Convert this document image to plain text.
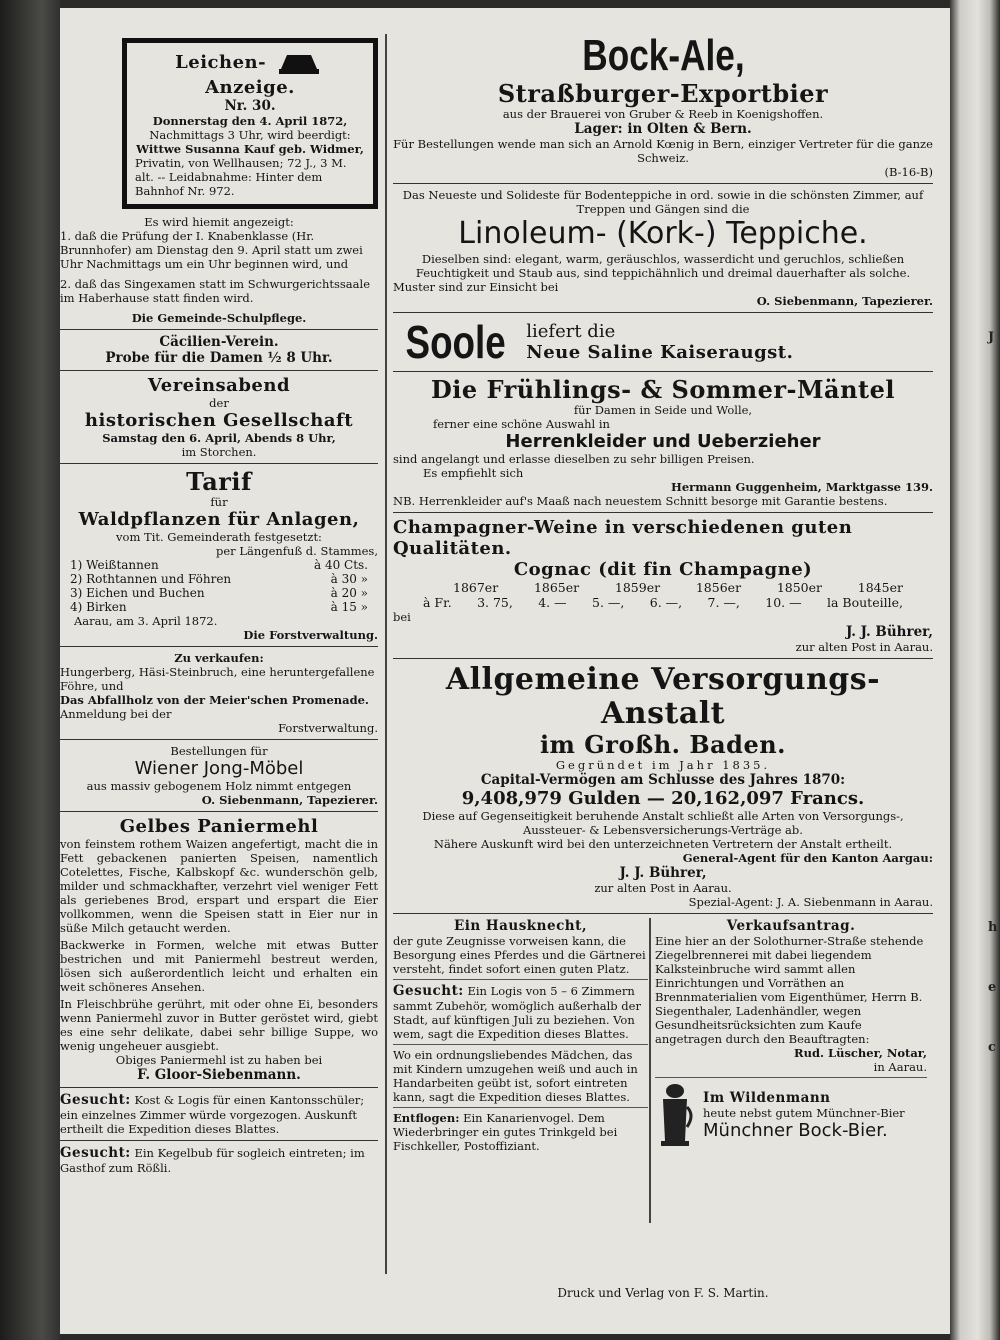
J
h
e
c
Leichen-  Anzeige.
Nr. 30.
Donnerstag den 4. April 1872,
Nachmittags 3 Uhr, wird beerdigt:
Wittwe Susanna Kauf geb. Widmer,
Privatin, von Wellhausen; 72 J., 3 M. alt. -- Leidabnahme: Hinter dem Bahnhof Nr. 972.
Es wird hiemit angezeigt:
1. daß die Prüfung der I. Knabenklasse (Hr. Brunnhofer) am Dienstag den 9. April statt um zwei Uhr Nachmittags um ein Uhr beginnen wird, und
2. daß das Singexamen statt im Schwurgerichtssaale im Haberhause statt finden wird.
Die Gemeinde-Schulpflege.
Cäcilien-Verein.
Probe für die Damen ½ 8 Uhr.
Vereinsabend
der
historischen Gesellschaft
Samstag den 6. April, Abends 8 Uhr,
im Storchen.
Tarif
für
Waldpflanzen für Anlagen,
vom Tit. Gemeinderath festgesetzt:
per Längenfuß d. Stammes,
1) Weißtannen	à 40 Cts.
2) Rothtannen und Föhren	à 30 »
3) Eichen und Buchen	à 20 »
4) Birken	à 15 »
Aarau, am 3. April 1872.
Die Forstverwaltung.
Zu verkaufen:
Hungerberg, Häsi-Steinbruch, eine heruntergefallene Föhre, und
Das Abfallholz von der Meier'schen Promenade.
Anmeldung bei der
Forstverwaltung.
Bestellungen für
Wiener Jong-Möbel
aus massiv gebogenem Holz nimmt entgegen
O. Siebenmann, Tapezierer.
Gelbes Paniermehl
von feinstem rothem Waizen angefertigt, macht die in Fett gebackenen panierten Speisen, namentlich Cotelettes, Fische, Kalbskopf &c. wunderschön gelb, milder und schmackhafter, verzehrt viel weniger Fett als geriebenes Brod, erspart und erspart die Eier vollkommen, wenn die Speisen statt in Eier nur in süße Milch getaucht werden.
Backwerke in Formen, welche mit etwas Butter bestrichen und mit Paniermehl bestreut werden, lösen sich außerordentlich leicht und erhalten ein weit schöneres Ansehen.
In Fleischbrühe gerührt, mit oder ohne Ei, besonders wenn Paniermehl zuvor in Butter geröstet wird, giebt es eine sehr delikate, dabei sehr billige Suppe, wo wenig ungeheuer ausgiebt.
Obiges Paniermehl ist zu haben bei
F. Gloor-Siebenmann.
Gesucht: Kost & Logis für einen Kantonsschüler; ein einzelnes Zimmer würde vorgezogen. Auskunft ertheilt die Expedition dieses Blattes.
Gesucht: Ein Kegelbub für sogleich eintreten; im Gasthof zum Rößli.
Bock-Ale,
Straßburger-Exportbier
aus der Brauerei von Gruber & Reeb in Koenigshoffen.
Lager: in Olten & Bern.
Für Bestellungen wende man sich an Arnold Kœnig in Bern, einziger Vertreter für die ganze Schweiz.
(B-16-B)
Das Neueste und Solideste für Bodenteppiche in ord. sowie in die schönsten Zimmer, auf Treppen und Gängen sind die
Linoleum- (Kork-) Teppiche.
Dieselben sind: elegant, warm, geräuschlos, wasserdicht und geruchlos, schließen Feuchtigkeit und Staub aus, sind teppichähnlich und dreimal dauerhafter als solche.
Muster sind zur Einsicht bei
O. Siebenmann, Tapezierer.
Soole liefert die
Neue Saline Kaiseraugst.
Die Frühlings- & Sommer-Mäntel
für Damen in Seide und Wolle,
ferner eine schöne Auswahl in
Herrenkleider und Ueberzieher
sind angelangt und erlasse dieselben zu sehr billigen Preisen.
Es empfiehlt sich
Hermann Guggenheim, Marktgasse 139.
NB. Herrenkleider auf's Maaß nach neuestem Schnitt besorge mit Garantie bestens.
Champagner-Weine in verschiedenen guten Qualitäten.
Cognac (dit fin Champagne)
1867er	1865er	1859er	1856er	1850er	1845er
à Fr. 3. 75, 4. — 5. —, 6. —, 7. —, 10. — la Bouteille,
bei
J. J. Bührer,
zur alten Post in Aarau.
Allgemeine Versorgungs-Anstalt
im Großh. Baden.
Gegründet im Jahr 1835.
Capital-Vermögen am Schlusse des Jahres 1870:
9,408,979 Gulden — 20,162,097 Francs.
Diese auf Gegenseitigkeit beruhende Anstalt schließt alle Arten von Versorgungs-, Aussteuer- & Lebensversicherungs-Verträge ab.
Nähere Auskunft wird bei den unterzeichneten Vertretern der Anstalt ertheilt.
General-Agent für den Kanton Aargau:
J. J. Bührer,
zur alten Post in Aarau.
Spezial-Agent: J. A. Siebenmann in Aarau.
Ein Hausknecht,
der gute Zeugnisse vorweisen kann, die Besorgung eines Pferdes und die Gärtnerei versteht, findet sofort einen guten Platz.
Gesucht: Ein Logis von 5 – 6 Zimmern sammt Zubehör, womöglich außerhalb der Stadt, auf künftigen Juli zu beziehen. Von wem, sagt die Expedition dieses Blattes.
Wo ein ordnungsliebendes Mädchen, das mit Kindern umzugehen weiß und auch in Handarbeiten geübt ist, sofort eintreten kann, sagt die Expedition dieses Blattes.
Entflogen: Ein Kanarienvogel. Dem Wiederbringer ein gutes Trinkgeld bei Fischkeller, Postoffizіant.
Verkaufsantrag.
Eine hier an der Solothurner-Straße stehende Ziegelbrennerei mit dabei liegendem Kalksteinbruche wird sammt allen Einrichtungen und Vorräthen an Brennmaterialien vom Eigenthümer, Herrn B. Siegenthaler, Ladenhändler, wegen Gesundheitsrücksichten zum Kaufe angetragen durch den Beauftragten:
Rud. Lüscher, Notar,
in Aarau.
Im Wildenmann
heute nebst gutem Münchner-Bier
Münchner Bock-Bier.
Druck und Verlag von F. S. Martin.
